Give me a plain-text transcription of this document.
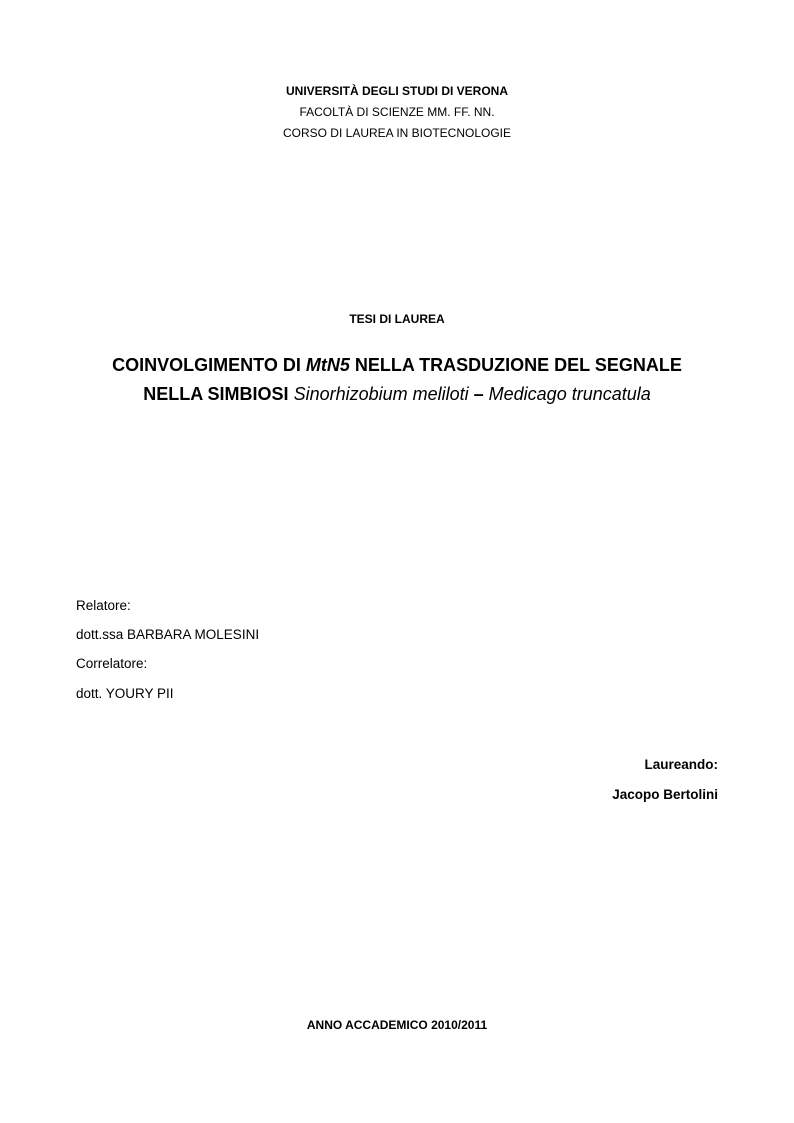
UNIVERSITÀ DEGLI STUDI DI VERONA

FACOLTÀ DI SCIENZE MM. FF. NN.

CORSO DI LAUREA IN BIOTECNOLOGIE

TESI DI LAUREA

COINVOLGIMENTO DI MtN5 NELLA TRASDUZIONE DEL SEGNALE

NELLA SIMBIOSI Sinorhizobium meliloti – Medicago truncatula

Relatore:

dott.ssa BARBARA MOLESINI

Correlatore:

dott. YOURY PII

Laureando:

Jacopo Bertolini

ANNO ACCADEMICO 2010/2011
